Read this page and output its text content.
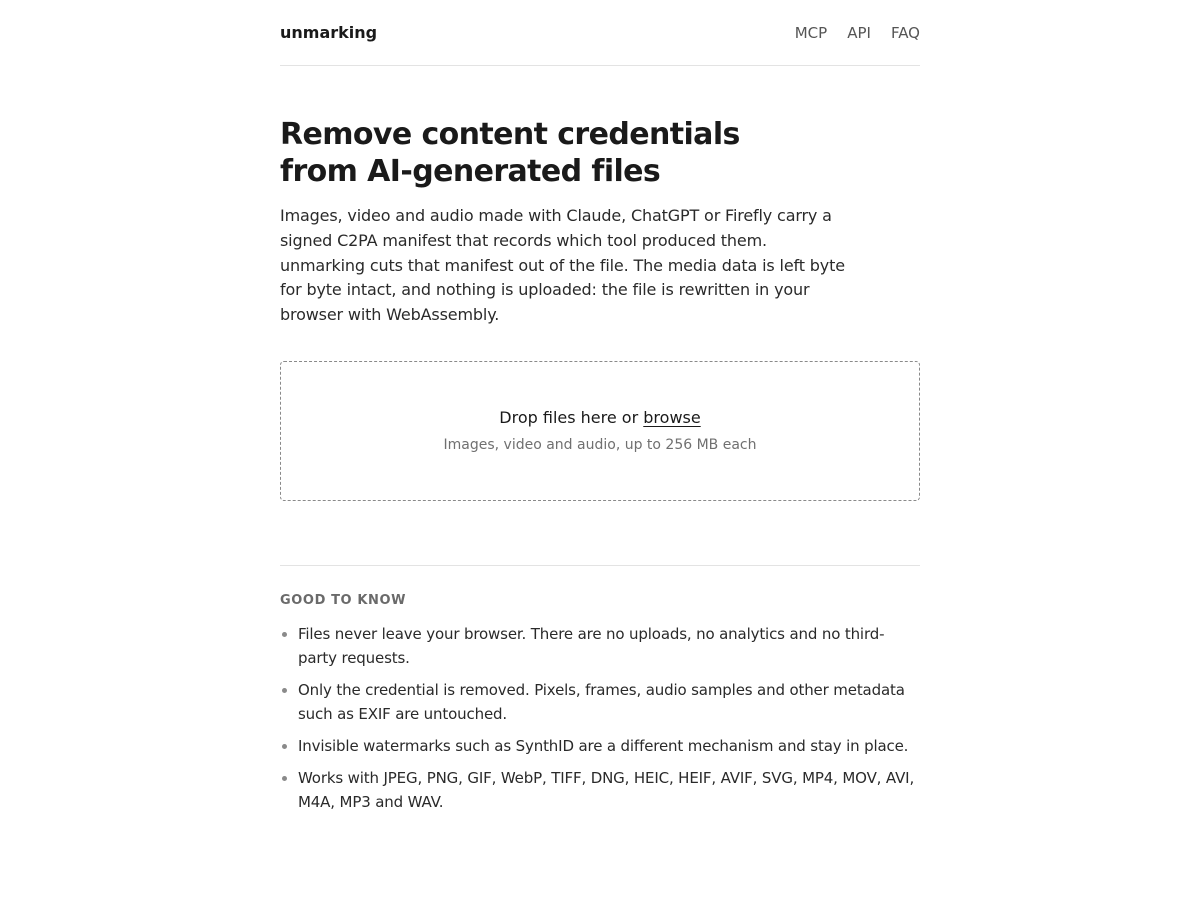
unmarking	MCP API FAQ
Remove content credentials
from AI-generated files

Images, video and audio made with Claude, ChatGPT or Firefly carry a signed C2PA manifest that records which tool produced them. unmarking cuts that manifest out of the file. The media data is left byte for byte intact, and nothing is uploaded: the file is rewritten in your browser with WebAssembly.

Drop files here or browse
Images, video and audio, up to 256 MB each
GOOD TO KNOW
Files never leave your browser. There are no uploads, no analytics and no third-party requests.
Only the credential is removed. Pixels, frames, audio samples and other metadata such as EXIF are untouched.
Invisible watermarks such as SynthID are a different mechanism and stay in place.
Works with JPEG, PNG, GIF, WebP, TIFF, DNG, HEIC, HEIF, AVIF, SVG, MP4, MOV, AVI, M4A, MP3 and WAV.
